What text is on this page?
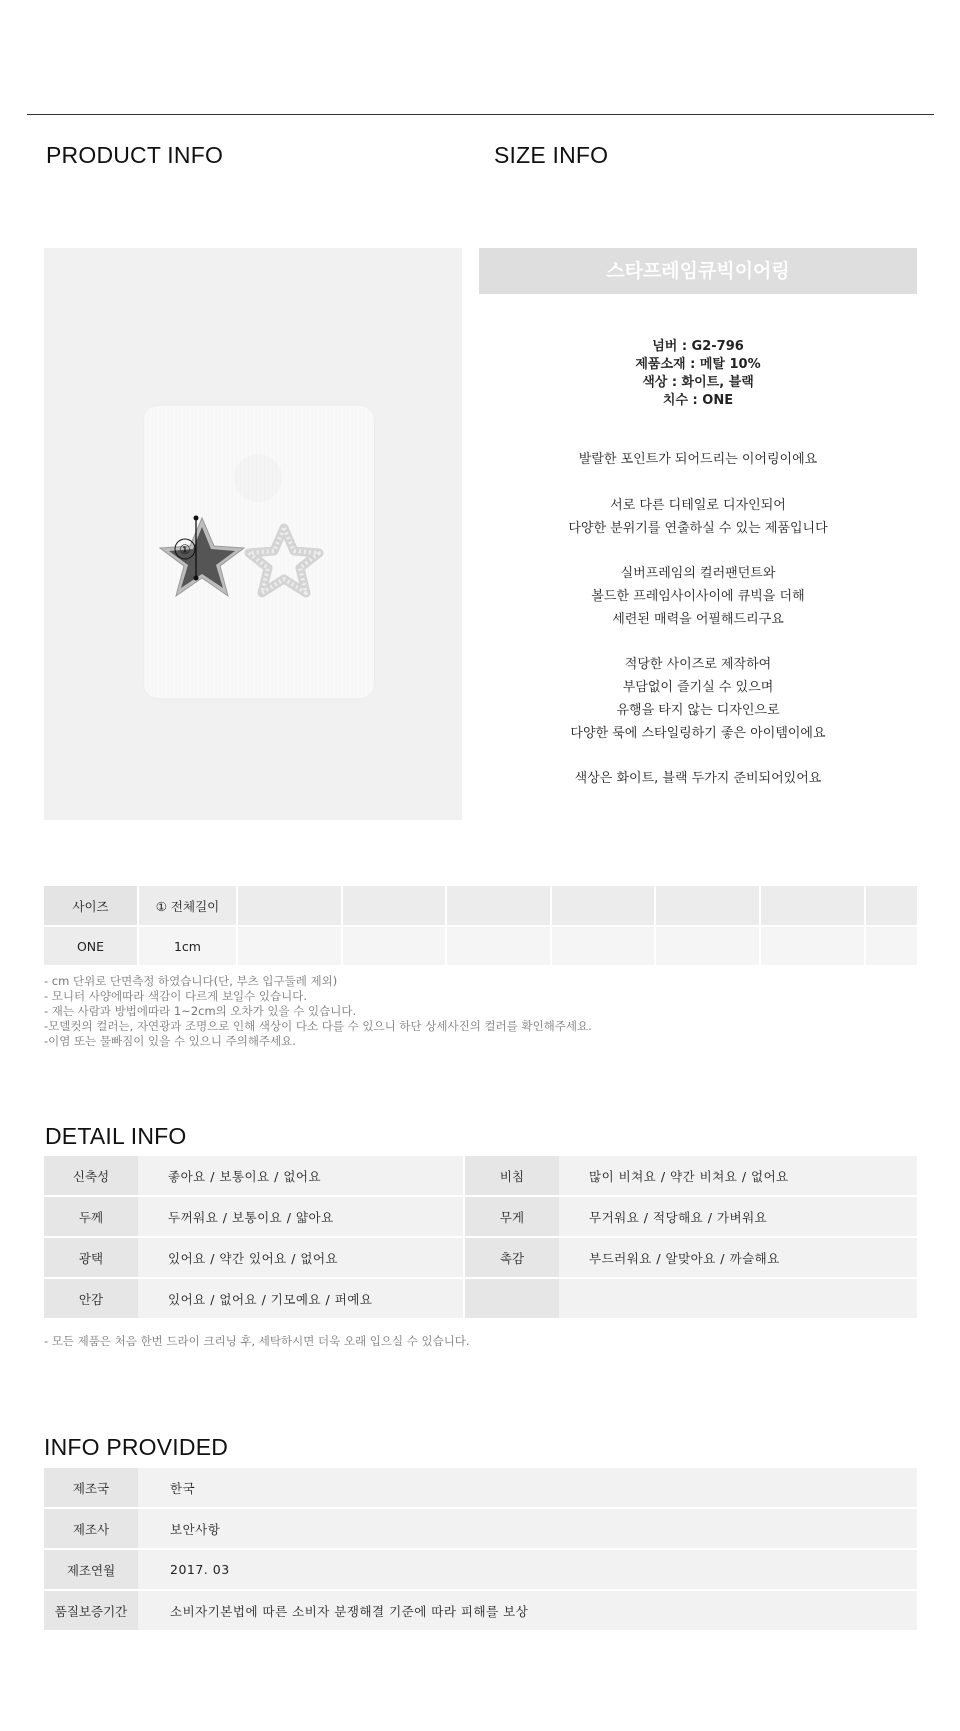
PRODUCT INFO	SIZE INFO
①
스타프레임큐빅이어링
넘버 : G2-796
제품소재 : 메탈 10%
색상 : 화이트, 블랙
치수 : ONE
발랄한 포인트가 되어드리는 이어링이에요
서로 다른 디테일로 디자인되어
다양한 분위기를 연출하실 수 있는 제품입니다
실버프레임의 컬러팬던트와
볼드한 프레임사이사이에 큐빅을 더해
세련된 매력을 어필해드리구요
적당한 사이즈로 제작하여
부담없이 즐기실 수 있으며
유행을 타지 않는 디자인으로
다양한 룩에 스타일링하기 좋은 아이템이에요
색상은 화이트, 블랙 두가지 준비되어있어요
사이즈	① 전체길이							
ONE	1cm							
- cm 단위로 단면측정 하였습니다(단, 부츠 입구둘레 제외)
- 모니터 사양에따라 색감이 다르게 보일수 있습니다.
- 재는 사람과 방법에따라 1~2cm의 오차가 있을 수 있습니다.
-모델컷의 컬러는, 자연광과 조명으로 인해 색상이 다소 다를 수 있으니 하단 상세사진의 컬러를 확인해주세요.
-이염 또는 물빠짐이 있을 수 있으니 주의해주세요.
DETAIL INFO
신축성	좋아요 / 보통이요 / 없어요		비침	많이 비쳐요 / 약간 비쳐요 / 없어요
두께	두꺼워요 / 보통이요 / 얇아요		무게	무거워요 / 적당해요 / 가벼워요
광택	있어요 / 약간 있어요 / 없어요		촉감	부드러워요 / 알맞아요 / 까슬해요
안감	있어요 / 없어요 / 기모예요 / 퍼예요			
- 모든 제품은 처음 한번 드라이 크리닝 후, 세탁하시면 더욱 오래 입으실 수 있습니다.
INFO PROVIDED
제조국	한국
제조사	보안사항
제조연월	2017. 03
품질보증기간	소비자기본법에 따른 소비자 분쟁해결 기준에 따라 피해를 보상
